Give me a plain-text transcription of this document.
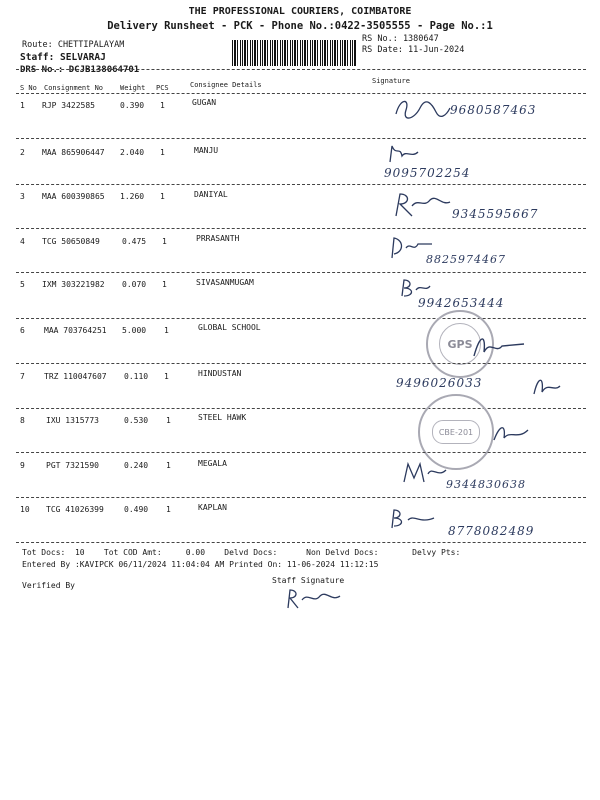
THE PROFESSIONAL COURIERS, COIMBATORE
Delivery Runsheet - PCK - Phone No.:0422-3505555 - Page No.:1
Route: CHETTIPALAYAM
Staff: SELVARAJ
DRS No.: DCJB138064701
RS No.: 1380647
RS Date: 11-Jun-2024
S No Consignment No Weight PCS	Consignee Details	Signature
1 RJP 3422585	0.390 1	GUGAN
9680587463
2 MAA 865906447 2.040 1	MANJU
9095702254
3 MAA 600390865 1.260 1	DANIYAL
9345595667
4 TCG 50650849	0.475 1	PRRASANTH
8825974467
5 IXM 303221982 0.070 1	SIVASANMUGAM
9942653444
6 MAA 703764251 5.000 1	GLOBAL SCHOOL
GPS
7 TRZ 110047607 0.110 1	HINDUSTAN
9496026033
8	IXU 1315773	0.530 1	STEEL HAWK
CBE-201
9	PGT 7321590	0.240 1	MEGALA
9344830638
10 TCG 41026399	0.490 1	KAPLAN
8778082489
Tot Docs:  10    Tot COD Amt:     0.00    Delvd Docs:      Non Delvd Docs:       Delvy Pts:
Entered By :KAVIPCK 06/11/2024 11:04:04 AM Printed On: 11-06-2024 11:12:15
Verified By
Staff Signature
